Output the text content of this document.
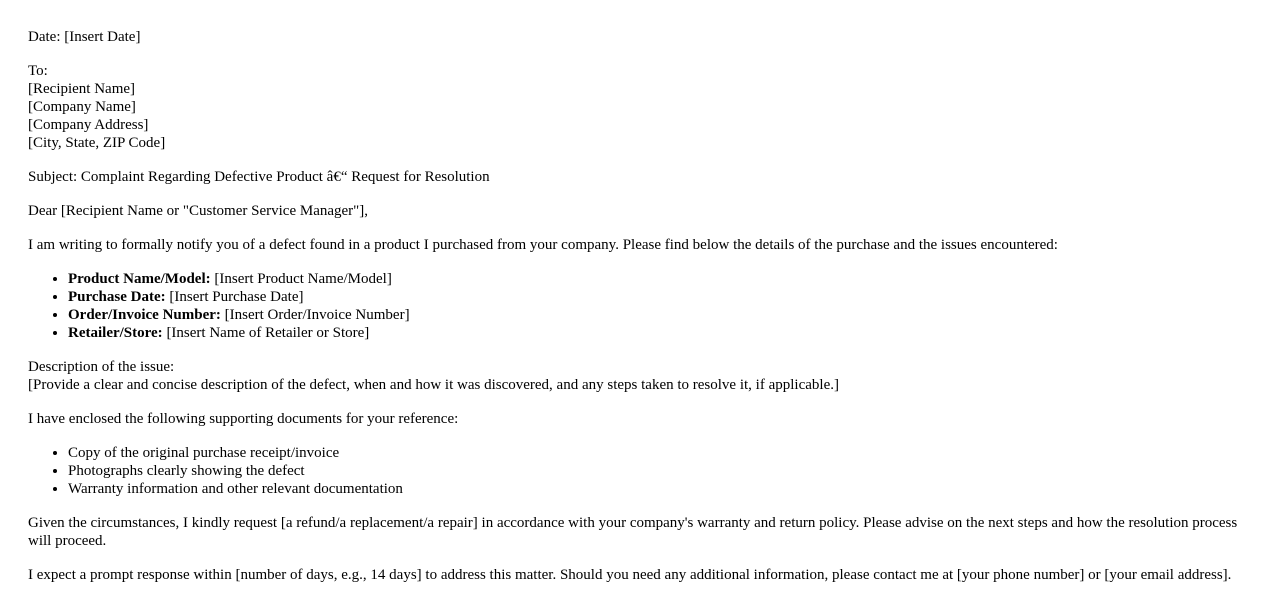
Date: [Insert Date]

To:
[Recipient Name]
[Company Name]
[Company Address]
[City, State, ZIP Code]

Subject: Complaint Regarding Defective Product â€“ Request for Resolution

Dear [Recipient Name or "Customer Service Manager"],

I am writing to formally notify you of a defect found in a product I purchased from your company. Please find below the details of the purchase and the issues encountered:

• Product Name/Model: [Insert Product Name/Model]
• Purchase Date: [Insert Purchase Date]
• Order/Invoice Number: [Insert Order/Invoice Number]
• Retailer/Store: [Insert Name of Retailer or Store]

Description of the issue:
[Provide a clear and concise description of the defect, when and how it was discovered, and any steps taken to resolve it, if applicable.]

I have enclosed the following supporting documents for your reference:

• Copy of the original purchase receipt/invoice
• Photographs clearly showing the defect
• Warranty information and other relevant documentation

Given the circumstances, I kindly request [a refund/a replacement/a repair] in accordance with your company's warranty and return policy. Please advise on the next steps and how the resolution process will proceed.

I expect a prompt response within [number of days, e.g., 14 days] to address this matter. Should you need any additional information, please contact me at [your phone number] or [your email address].
